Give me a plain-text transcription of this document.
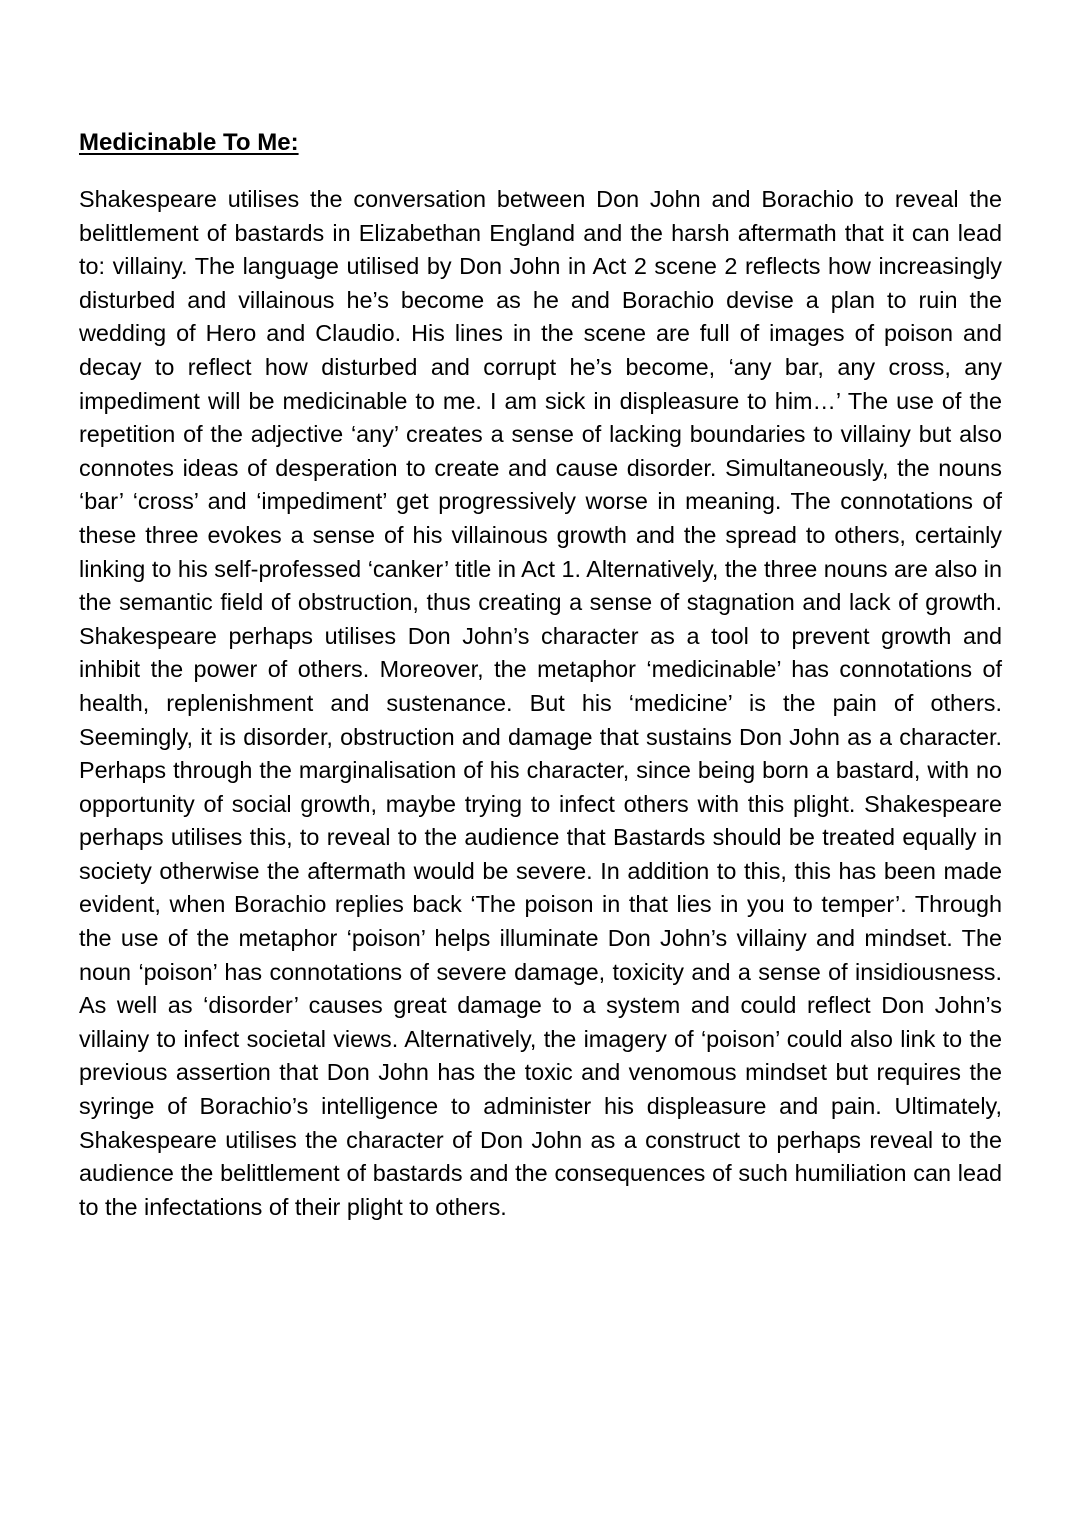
Medicinable To Me:

Shakespeare utilises the conversation between Don John and Borachio to reveal the belittlement of bastards in Elizabethan England and the harsh aftermath that it can lead to: villainy. The language utilised by Don John in Act 2 scene 2 reflects how increasingly disturbed and villainous he’s become as he and Borachio devise a plan to ruin the wedding of Hero and Claudio. His lines in the scene are full of images of poison and decay to reflect how disturbed and corrupt he’s become, ‘any bar, any cross, any impediment will be medicinable to me. I am sick in displeasure to him…’ The use of the repetition of the adjective ‘any’ creates a sense of lacking boundaries to villainy but also connotes ideas of desperation to create and cause disorder. Simultaneously, the nouns ‘bar’ ‘cross’ and ‘impediment’ get progressively worse in meaning. The connotations of these three evokes a sense of his villainous growth and the spread to others, certainly linking to his self-professed ‘canker’ title in Act 1. Alternatively, the three nouns are also in the semantic field of obstruction, thus creating a sense of stagnation and lack of growth. Shakespeare perhaps utilises Don John’s character as a tool to prevent growth and inhibit the power of others. Moreover, the metaphor ‘medicinable’ has connotations of health, replenishment and sustenance. But his ‘medicine’ is the pain of others. Seemingly, it is disorder, obstruction and damage that sustains Don John as a character. Perhaps through the marginalisation of his character, since being born a bastard, with no opportunity of social growth, maybe trying to infect others with this plight. Shakespeare perhaps utilises this, to reveal to the audience that Bastards should be treated equally in society otherwise the aftermath would be severe. In addition to this, this has been made evident, when Borachio replies back ‘The poison in that lies in you to temper’. Through the use of the metaphor ‘poison’ helps illuminate Don John’s villainy and mindset. The noun ‘poison’ has connotations of severe damage, toxicity and a sense of insidiousness. As well as ‘disorder’ causes great damage to a system and could reflect Don John’s villainy to infect societal views. Alternatively, the imagery of ‘poison’ could also link to the previous assertion that Don John has the toxic and venomous mindset but requires the syringe of Borachio’s intelligence to administer his displeasure and pain. Ultimately, Shakespeare utilises the character of Don John as a construct to perhaps reveal to the audience the belittlement of bastards and the consequences of such humiliation can lead to the infectations of their plight to others.
